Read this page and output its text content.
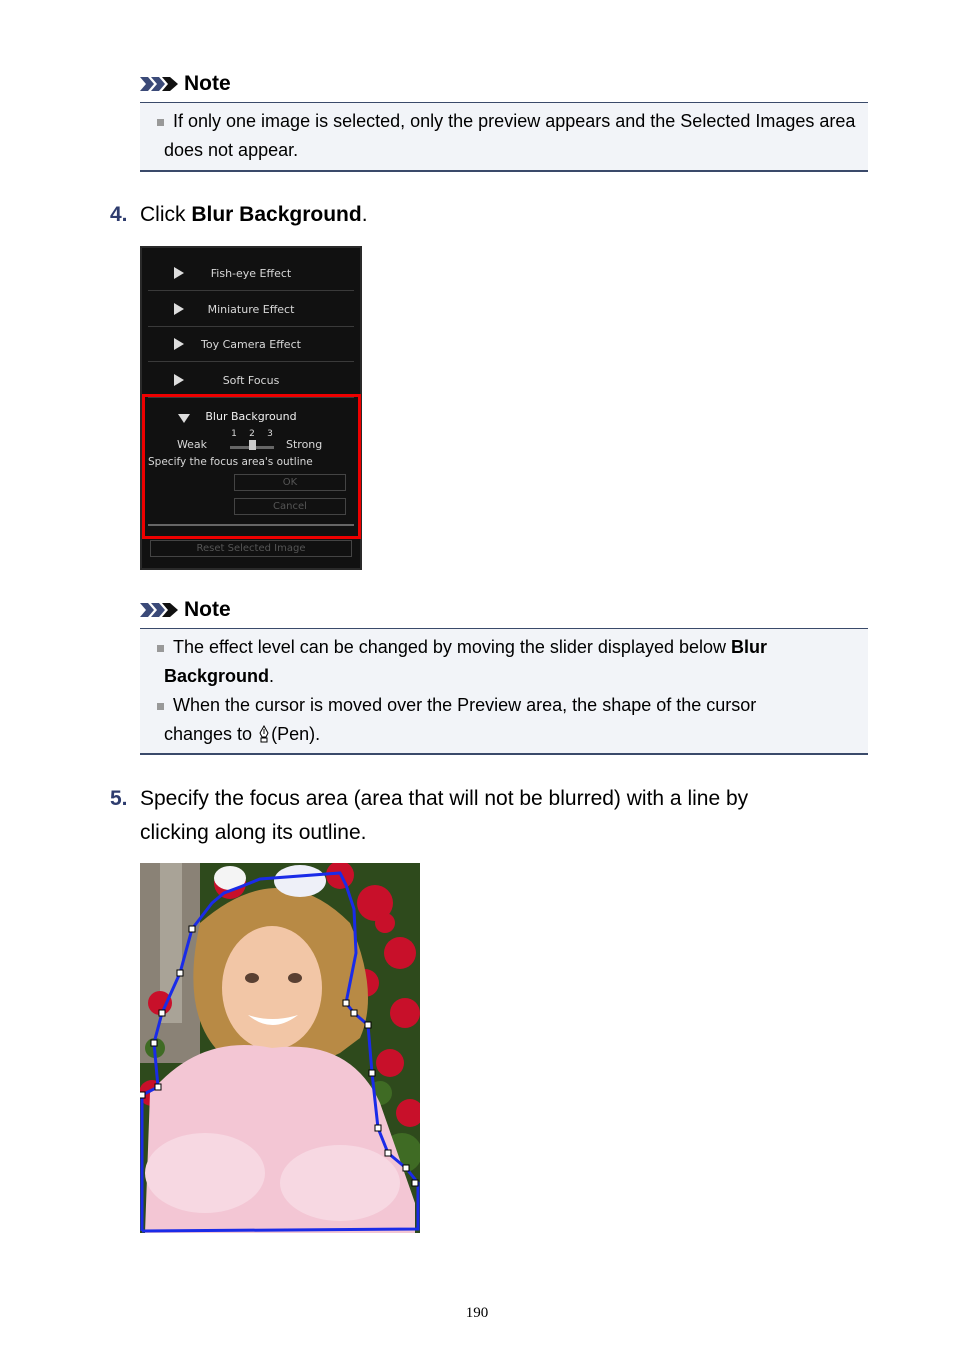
Note
If only one image is selected, only the preview appears and the Selected Images area does not appear.
4. Click Blur Background.
Fish-eye Effect
Miniature Effect
Toy Camera Effect
Soft Focus
Blur Background
Weak
1 2 3
Strong
Specify the focus area's outline
OK
Cancel
Reset Selected Image
Note
The effect level can be changed by moving the slider displayed below Blur
Background.
When the cursor is moved over the Preview area, the shape of the cursor
changes to (Pen).
5. Specify the focus area (area that will not be blurred) with a line by
clicking along its outline.
190
